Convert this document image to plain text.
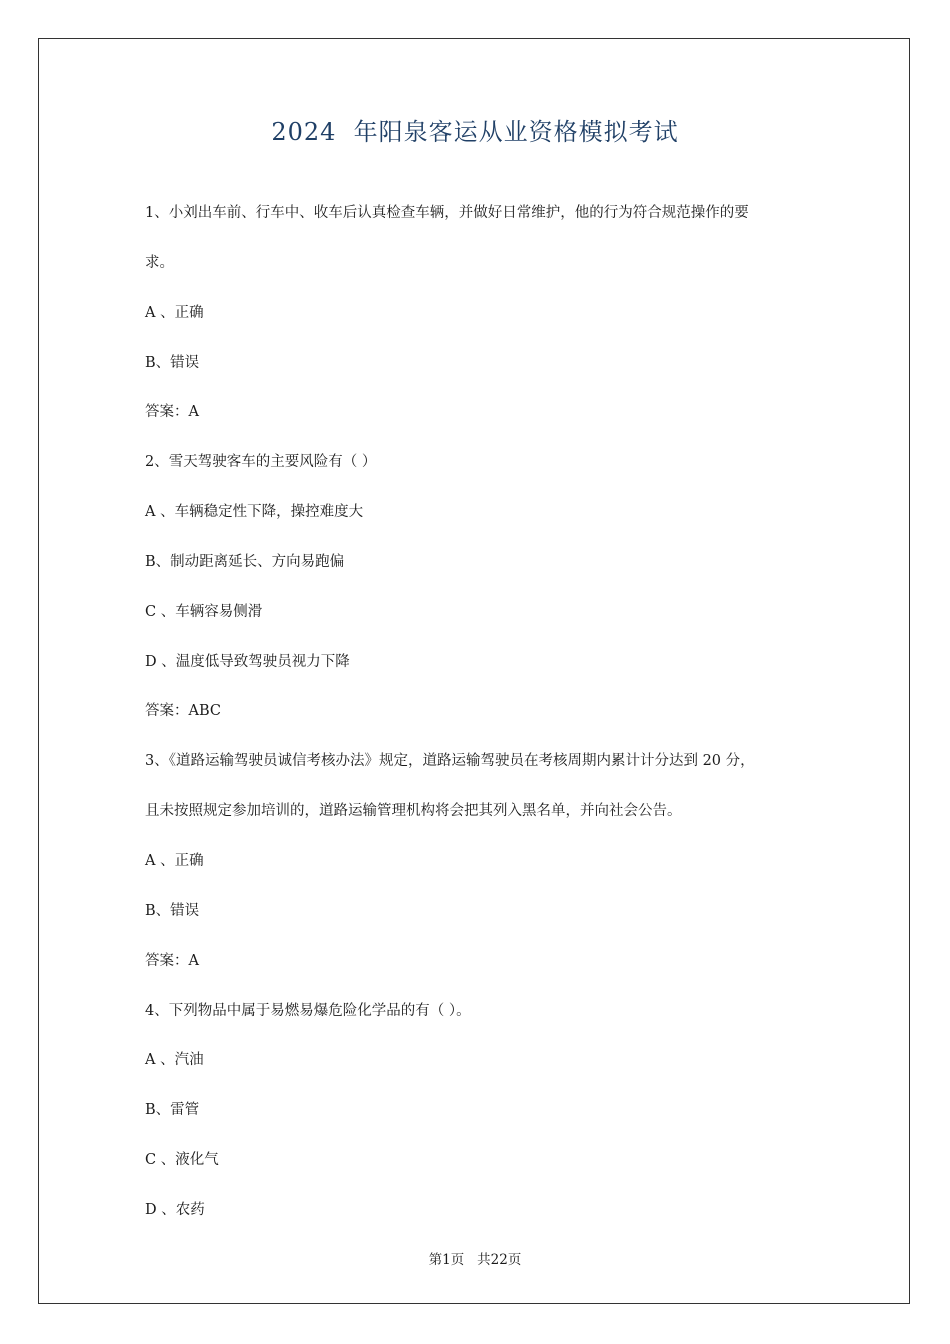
2024  年阳泉客运从业资格模拟考试
1、小刘出车前、行车中、收车后认真检查车辆，并做好日常维护，他的行为符合规范操作的要
求。
A 、正确
B、错误
答案：A
2、雪天驾驶客车的主要风险有（ ）
A 、车辆稳定性下降，操控难度大
B、制动距离延长、方向易跑偏
C 、车辆容易侧滑
D 、温度低导致驾驶员视力下降
答案：ABC
3、《道路运输驾驶员诚信考核办法》规定，道路运输驾驶员在考核周期内累计计分达到 20 分，
且未按照规定参加培训的，道路运输管理机构将会把其列入黑名单，并向社会公告。
A 、正确
B、错误
答案：A
4、下列物品中属于易燃易爆危险化学品的有（ ）。
A 、汽油
B、雷管
C 、液化气
D 、农药
第1页   共22页
